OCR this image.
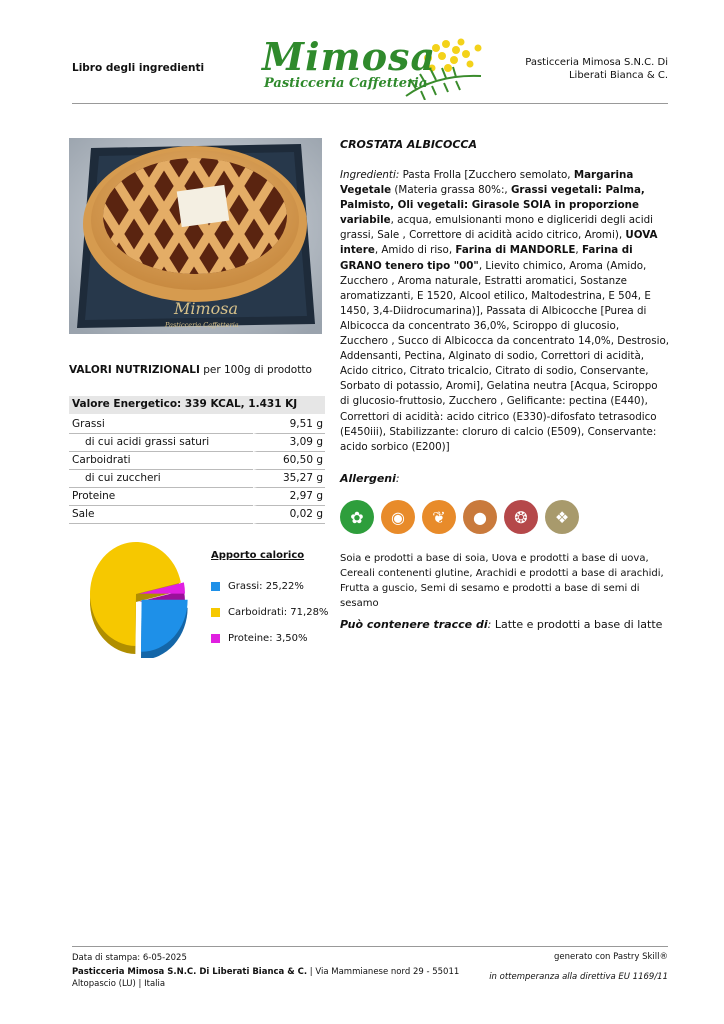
Libro degli ingredienti Mimosa
Pasticceria Caffetteria
Pasticceria Mimosa S.N.C. Di
Liberati Bianca & C.
Mimosa
Pasticceria Caffetteria
CROSTATA ALBICOCCA
Ingredienti: Pasta Frolla [Zucchero semolato, Margarina Vegetale (Materia grassa 80%:, Grassi vegetali: Palma, Palmisto, Oli vegetali: Girasole SOIA in proporzione variabile, acqua, emulsionanti mono e digliceridi degli acidi grassi, Sale , Correttore di acidità acido citrico, Aromi), UOVA intere, Amido di riso, Farina di MANDORLE, Farina di GRANO tenero tipo "00", Lievito chimico, Aroma (Amido, Zucchero , Aroma naturale, Estratti aromatici, Sostanze aromatizzanti, E 1520, Alcool etilico, Maltodestrina, E 504, E 1450, 3,4-Diidrocumarina)], Passata di Albicocche [Purea di Albicocca da concentrato 36,0%, Sciroppo di glucosio, Zucchero , Succo di Albicocca da concentrato 14,0%, Destrosio, Addensanti, Pectina, Alginato di sodio, Correttori di acidità, Acido citrico, Citrato tricalcio, Citrato di sodio, Conservante, Sorbato di potassio, Aromi], Gelatina neutra [Acqua, Sciroppo di glucosio-fruttosio, Zucchero , Gelificante: pectina (E440), Correttori di acidità: acido citrico (E330)-difosfato tetrasodico (E450iii), Stabilizzante: cloruro di calcio (E509), Conservante: acido sorbico (E200)]
VALORI NUTRIZIONALI per 100g di prodotto
Valore Energetico: 339 KCAL, 1.431 KJ
Grassi	9,51 g
di cui acidi grassi saturi	3,09 g
Carboidrati	60,50 g
di cui zuccheri	35,27 g
Proteine	2,97 g
Sale	0,02 g
Apporto calorico
Grassi: 25,22%
Carboidrati: 71,28%
Proteine: 3,50%
Allergeni:
✿ ◉ ❦ ● ❂ ❖
Soia e prodotti a base di soia, Uova e prodotti a base di uova, Cereali contenenti glutine, Arachidi e prodotti a base di arachidi, Frutta a guscio, Semi di sesamo e prodotti a base di semi di sesamo
Può contenere tracce di: Latte e prodotti a base di latte
Data di stampa: 6-05-2025	generato con Pastry Skill®
Pasticceria Mimosa S.N.C. Di Liberati Bianca & C. | Via Mammianese nord 29 - 55011
Altopascio (LU) | Italia
in ottemperanza alla direttiva EU 1169/11
